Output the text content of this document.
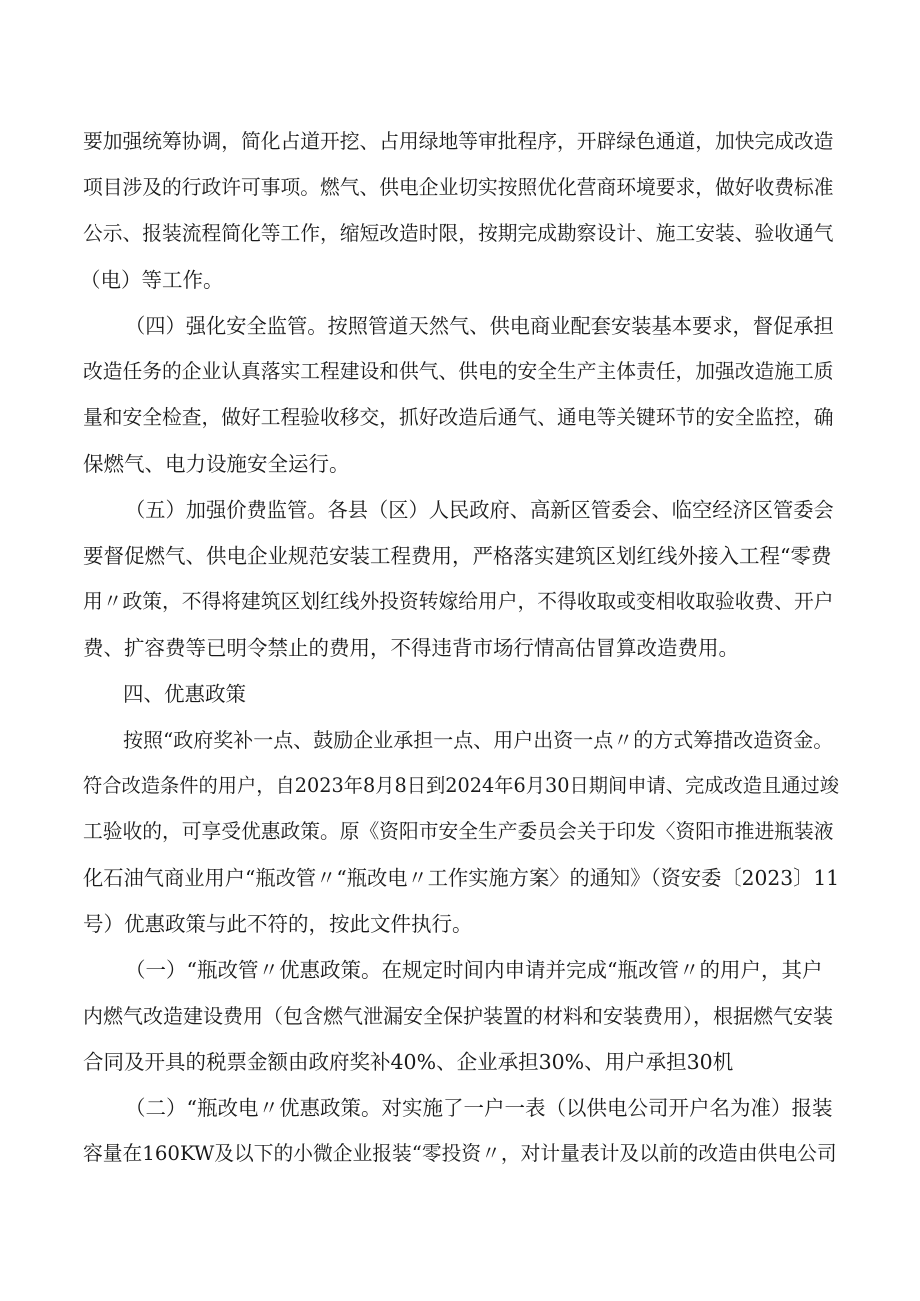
要加强统筹协调，简化占道开挖、占用绿地等审批程序，开辟绿色通道，加快完成改造
项目涉及的行政许可事项。燃气、供电企业切实按照优化营商环境要求，做好收费标准
公示、报装流程简化等工作，缩短改造时限，按期完成勘察设计、施工安装、验收通气
（电）等工作。
（四）强化安全监管。按照管道天然气、供电商业配套安装基本要求，督促承担
改造任务的企业认真落实工程建设和供气、供电的安全生产主体责任，加强改造施工质
量和安全检查，做好工程验收移交，抓好改造后通气、通电等关键环节的安全监控，确
保燃气、电力设施安全运行。
（五）加强价费监管。各县（区）人民政府、高新区管委会、临空经济区管委会
要督促燃气、供电企业规范安装工程费用，严格落实建筑区划红线外接入工程“零费
用〃政策，不得将建筑区划红线外投资转嫁给用户，不得收取或变相收取验收费、开户
费、扩容费等已明令禁止的费用，不得违背市场行情高估冒算改造费用。
四、优惠政策
按照“政府奖补一点、鼓励企业承担一点、用户出资一点〃的方式筹措改造资金。
符合改造条件的用户，自2023年8月8日到2024年6月30日期间申请、完成改造且通过竣
工验收的，可享受优惠政策。原《资阳市安全生产委员会关于印发〈资阳市推进瓶装液
化石油气商业用户“瓶改管〃“瓶改电〃工作实施方案〉的通知》（资安委〔2023〕11
号）优惠政策与此不符的，按此文件执行。
（一）“瓶改管〃优惠政策。在规定时间内申请并完成“瓶改管〃的用户，其户
内燃气改造建设费用（包含燃气泄漏安全保护装置的材料和安装费用），根据燃气安装
合同及开具的税票金额由政府奖补40%、企业承担30%、用户承担30机
（二）“瓶改电〃优惠政策。对实施了一户一表（以供电公司开户名为准）报装
容量在160KW及以下的小微企业报装“零投资〃，对计量表计及以前的改造由供电公司
